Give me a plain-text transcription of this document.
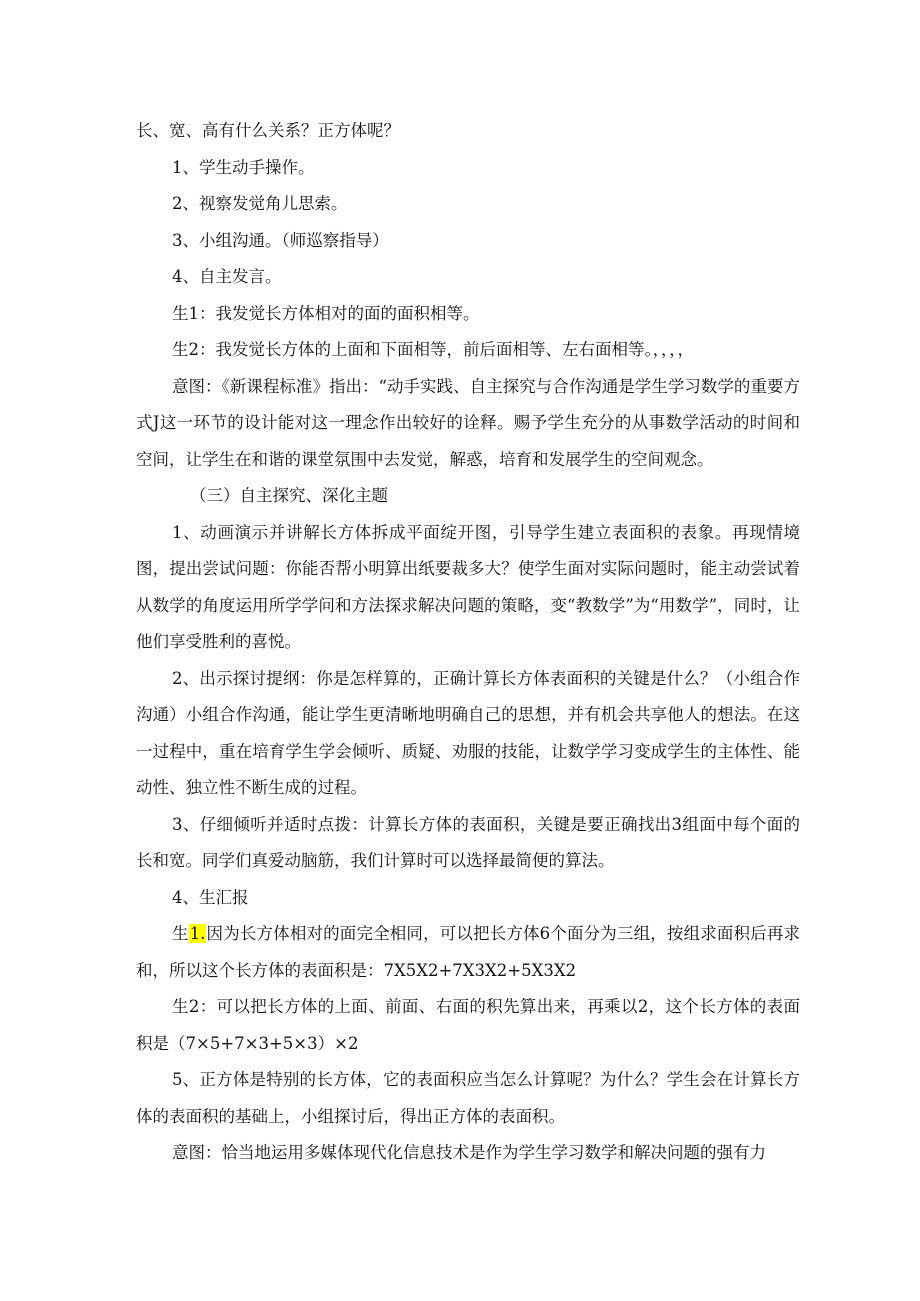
长、宽、高有什么关系？正方体呢？

1、学生动手操作。

2、视察发觉角儿思索。

3、小组沟通。（师巡察指导）

4、自主发言。

生1：我发觉长方体相对的面的面积相等。

生2：我发觉长方体的上面和下面相等，前后面相等、左右面相等。，，，，

意图：《新课程标准》指出：“动手实践、自主探究与合作沟通是学生学习数学的重要方式J这一环节的设计能对这一理念作出较好的诠释。赐予学生充分的从事数学活动的时间和空间，让学生在和谐的课堂氛围中去发觉，解惑，培育和发展学生的空间观念。

（三）自主探究、深化主题

1、动画演示并讲解长方体拆成平面绽开图，引导学生建立表面积的表象。再现情境图，提出尝试问题：你能否帮小明算出纸要裁多大？使学生面对实际问题时，能主动尝试着从数学的角度运用所学学问和方法探求解决问题的策略，变“教数学”为“用数学”，同时，让他们享受胜利的喜悦。

2、出示探讨提纲：你是怎样算的，正确计算长方体表面积的关键是什么？（小组合作沟通）小组合作沟通，能让学生更清晰地明确自己的思想，并有机会共享他人的想法。在这一过程中，重在培育学生学会倾听、质疑、劝服的技能，让数学学习变成学生的主体性、能动性、独立性不断生成的过程。

3、仔细倾听并适时点拨：计算长方体的表面积，关键是要正确找出3组面中每个面的长和宽。同学们真爱动脑筋，我们计算时可以选择最简便的算法。

4、生汇报

生1.因为长方体相对的面完全相同，可以把长方体6个面分为三组，按组求面积后再求和，所以这个长方体的表面积是：7X5X2+7X3X2+5X3X2

生2：可以把长方体的上面、前面、右面的积先算出来，再乘以2，这个长方体的表面积是（7×5+7×3+5×3）×2

5、正方体是特别的长方体，它的表面积应当怎么计算呢？为什么？学生会在计算长方体的表面积的基础上，小组探讨后，得出正方体的表面积。

意图：恰当地运用多媒体现代化信息技术是作为学生学习数学和解决问题的强有力
